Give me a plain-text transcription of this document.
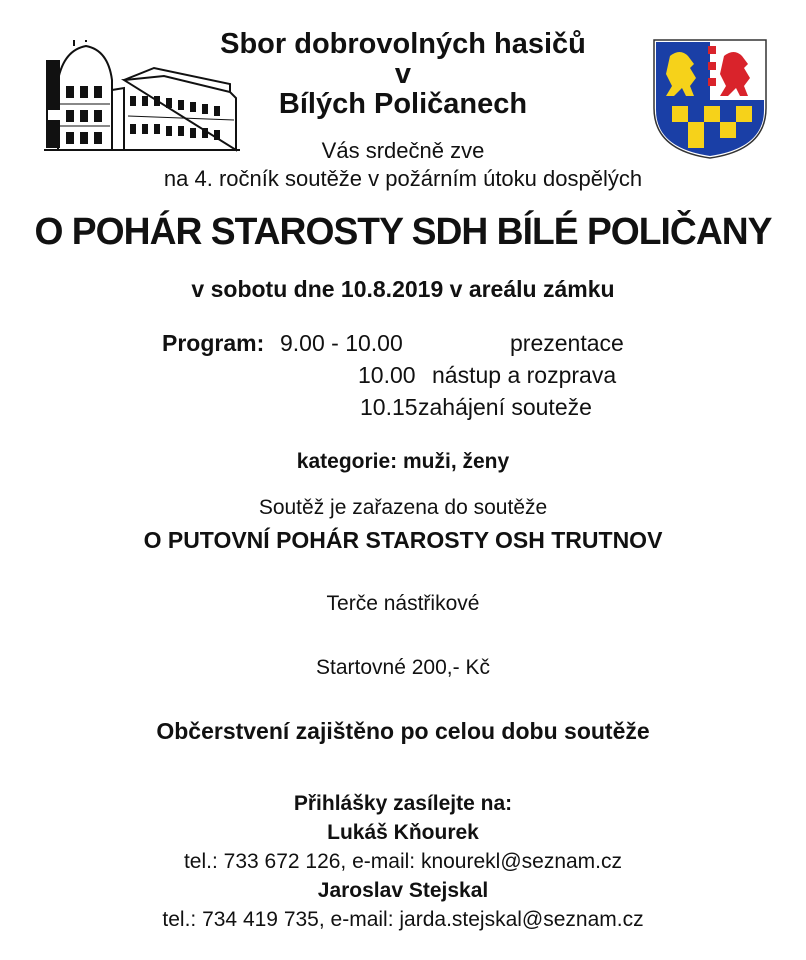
Sbor dobrovolných hasičů
v
Bílých Poličanech
Vás srdečně zve
na 4. ročník soutěže v požárním útoku dospělých
O POHÁR STAROSTY SDH BÍLÉ POLIČANY
v sobotu dne 10.8.2019 v areálu zámku
Program: 9.00 - 10.00	prezentace
10.00 nástup a rozprava
10.15 zahájení souteže
kategorie: muži, ženy
Soutěž je zařazena do soutěže
O PUTOVNÍ POHÁR STAROSTY OSH TRUTNOV
Terče nástřikové
Startovné 200,- Kč
Občerstvení zajištěno po celou dobu soutěže
Přihlášky zasílejte na:
Lukáš Kňourek
tel.: 733 672 126, e-mail: knourekl@seznam.cz
Jaroslav Stejskal
tel.: 734 419 735, e-mail: jarda.stejskal@seznam.cz
